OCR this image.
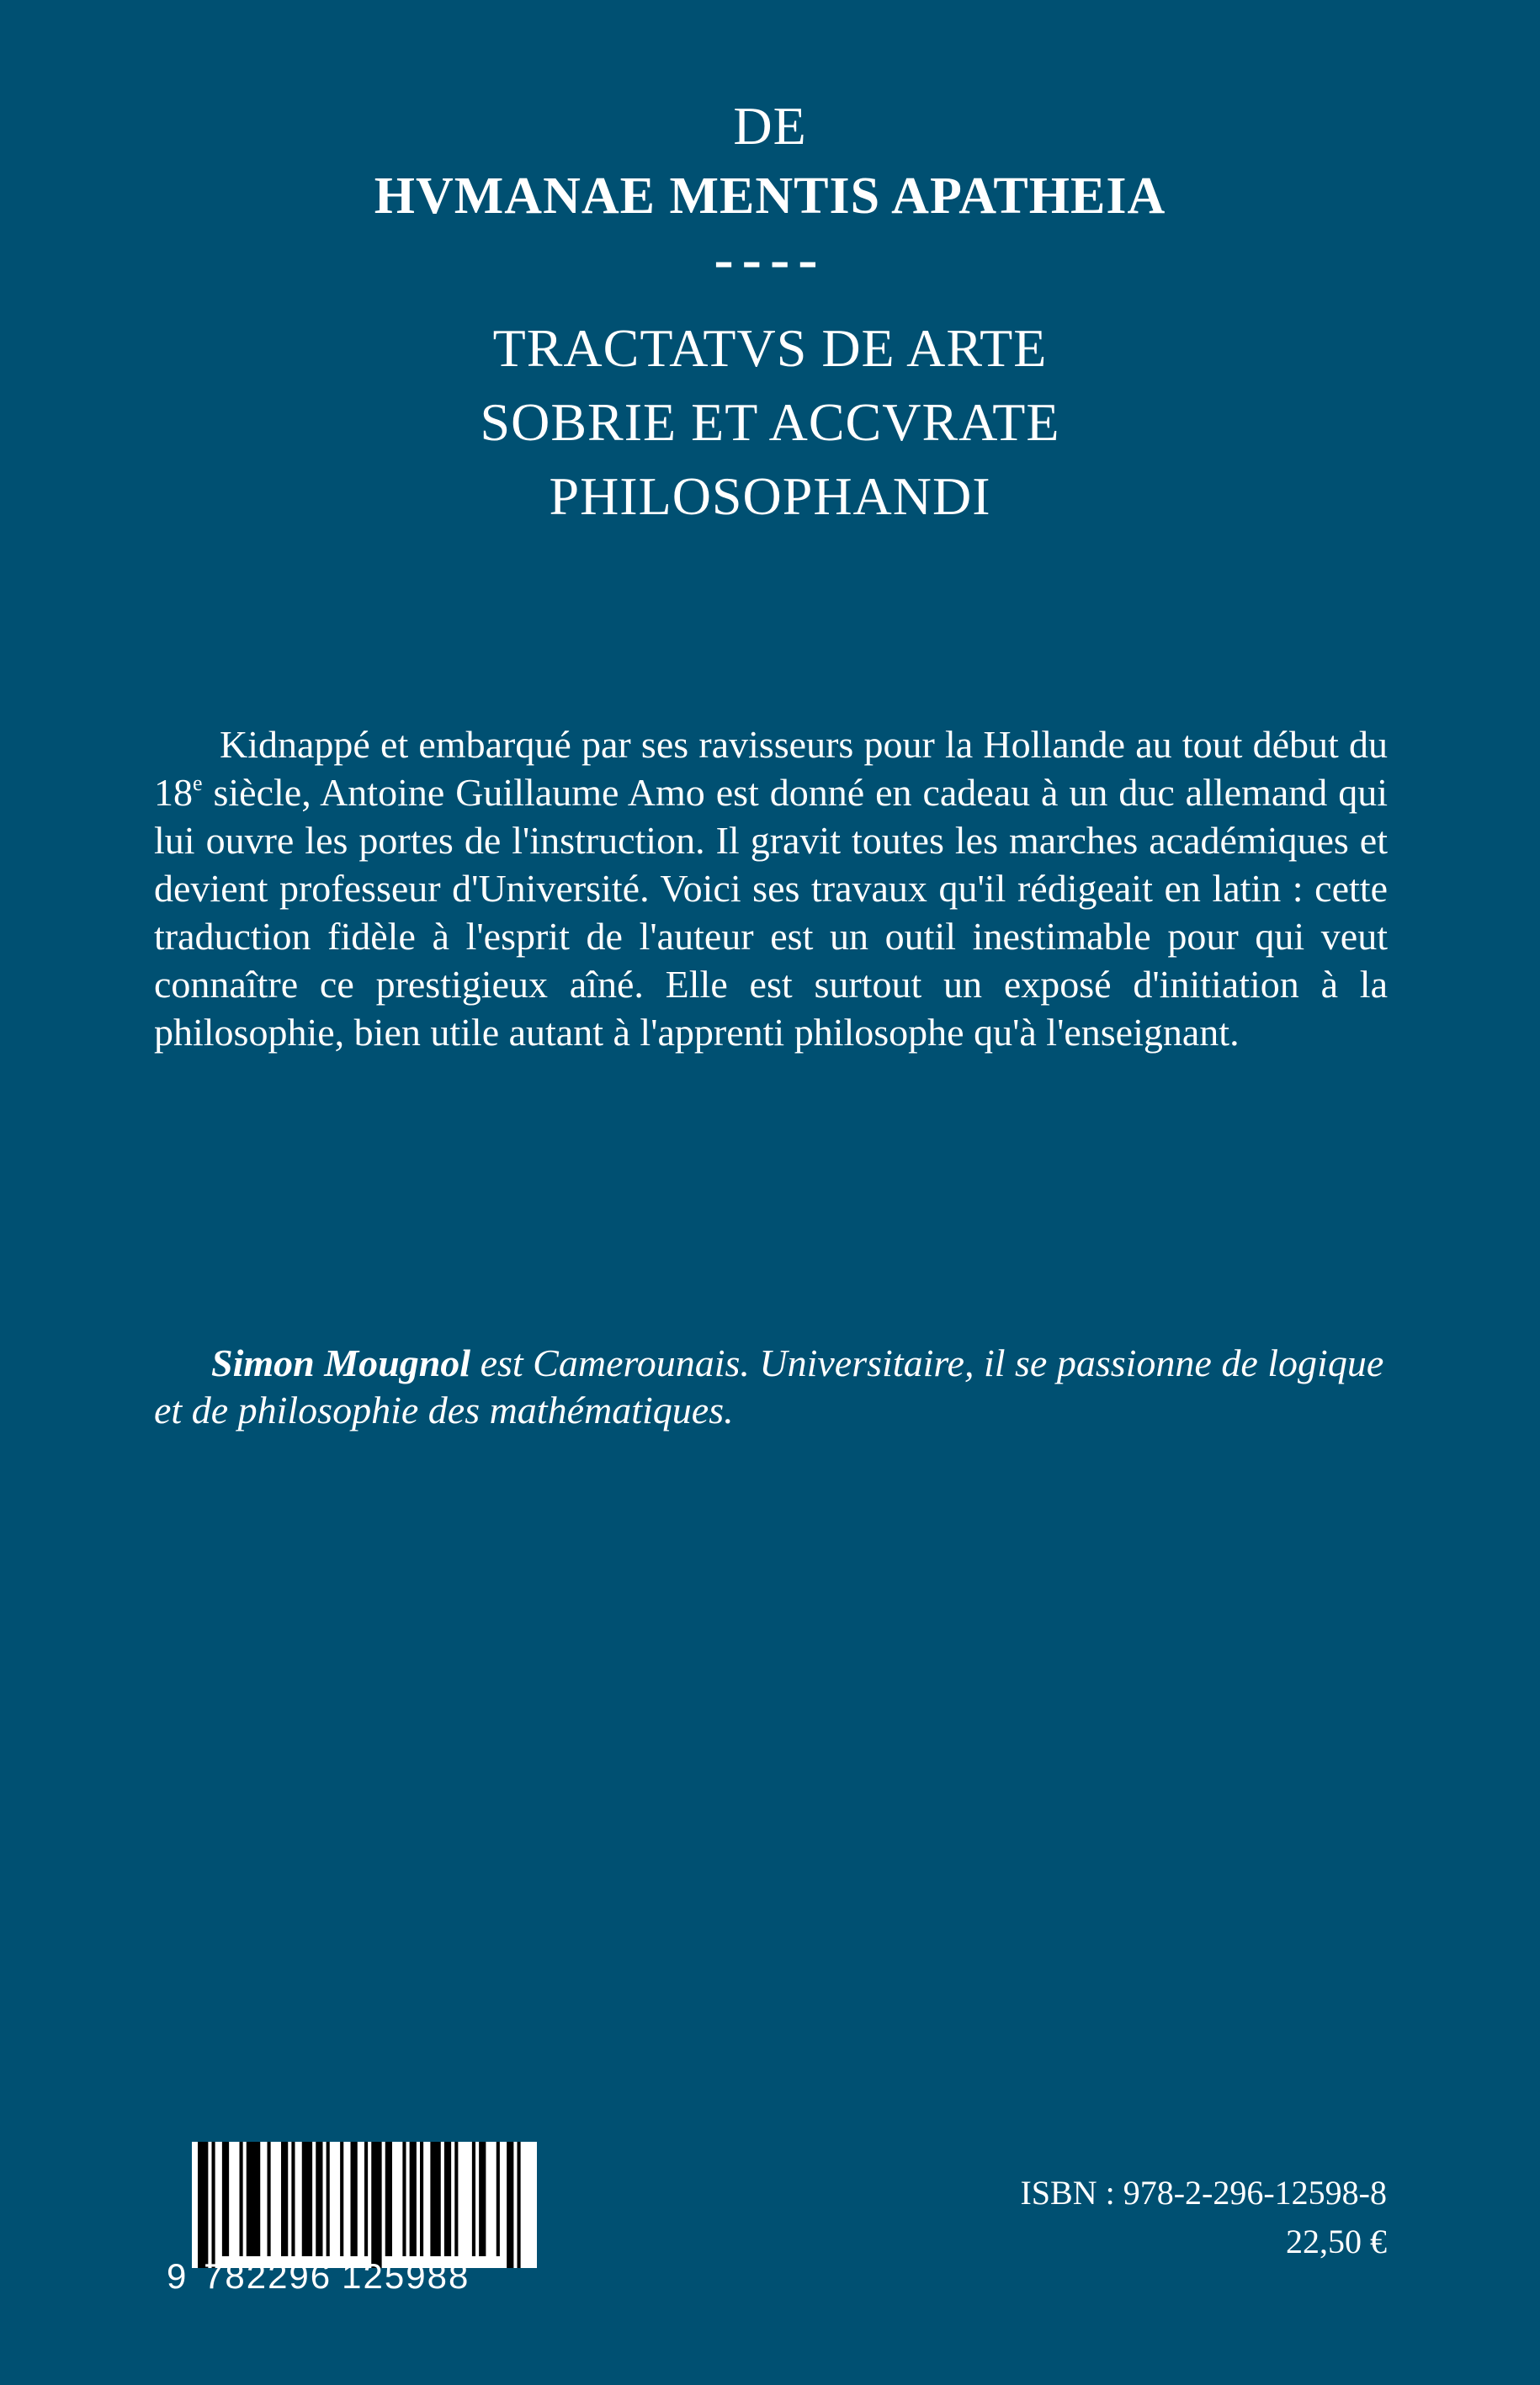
DE
HVMANAE MENTIS APATHEIA
----
TRACTATVS DE ARTE
SOBRIE ET ACCVRATE
PHILOSOPHANDI
Kidnappé et embarqué par ses ravisseurs pour la Hollande au tout début du 18e siècle, Antoine Guillaume Amo est donné en cadeau à un duc allemand qui lui ouvre les portes de l'instruction. Il gravit toutes les marches académiques et devient professeur d'Université. Voici ses travaux qu'il rédigeait en latin : cette traduction fidèle à l'esprit de l'auteur est un outil inestimable pour qui veut connaître ce prestigieux aîné. Elle est surtout un exposé d'initiation à la philosophie, bien utile autant à l'apprenti philosophe qu'à l'enseignant.
Simon Mougnol est Camerounais. Universitaire, il se passionne de logique et de philosophie des mathématiques.
9 782296 125988
ISBN : 978-2-296-12598-8
22,50 €
